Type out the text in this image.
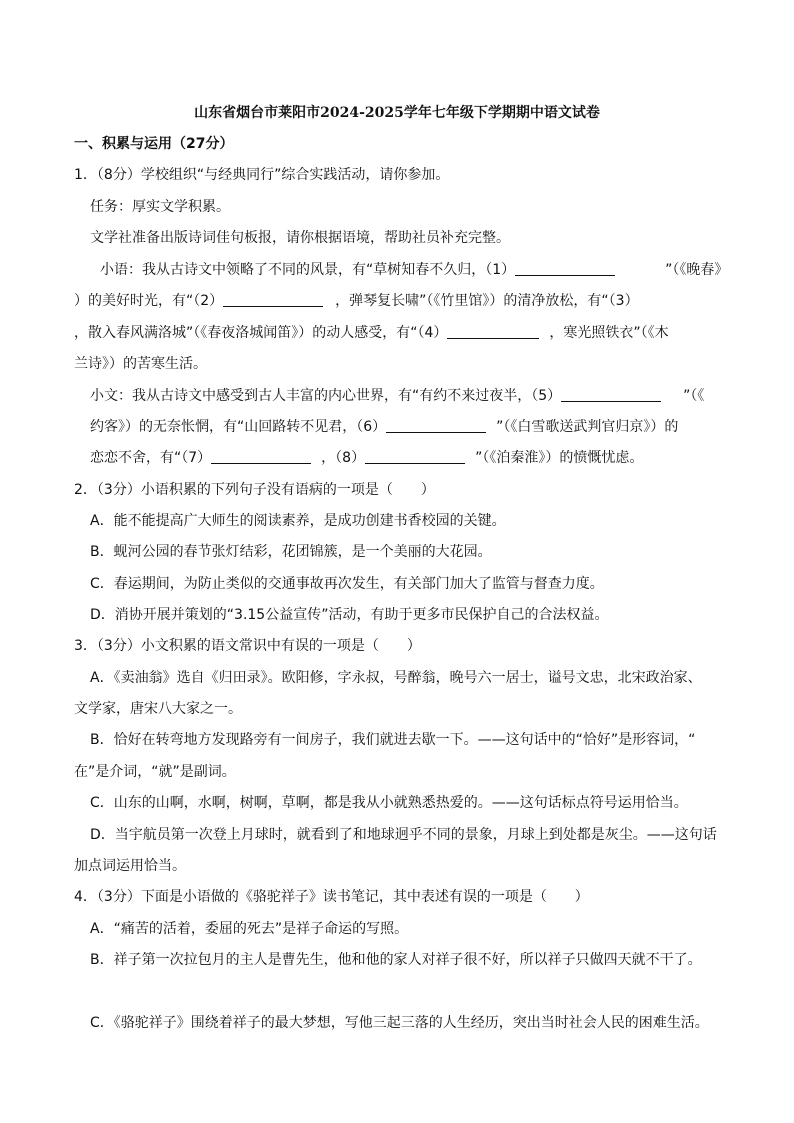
山东省烟台市莱阳市2024-2025学年七年级下学期期中语文试卷
一、积累与运用（27分）
1．（8分）学校组织“与经典同行”综合实践活动，请你参加。
任务：厚实文学积累。
文学社准备出版诗词佳句板报，请你根据语境，帮助社员补充完整。
小语：我从古诗文中领略了不同的风景，有“草树知春不久归，（1）	”（《晚春》
）的美好时光，有“（2）	，弹琴复长啸”（《竹里馆》）的清净放松，有“（3）
，散入春风满洛城”（《春夜洛城闻笛》）的动人感受，有“（4）	，寒光照铁衣”（《木
兰诗》）的苦寒生活。
小文：我从古诗文中感受到古人丰富的内心世界，有“有约不来过夜半，（5）	”（《
约客》）的无奈怅惘，有“山回路转不见君，（6）	”（《白雪歌送武判官归京》）的
恋恋不舍，有“（7）	，（8）	”（《泊秦淮》）的愤慨忧虑。
2．（3分）小语积累的下列句子没有语病的一项是（　　）
A．能不能提高广大师生的阅读素养，是成功创建书香校园的关键。
B．蚬河公园的春节张灯结彩，花团锦簇，是一个美丽的大花园。
C．春运期间，为防止类似的交通事故再次发生，有关部门加大了监管与督查力度。
D．消协开展并策划的“3.15公益宣传”活动，有助于更多市民保护自己的合法权益。
3．（3分）小文积累的语文常识中有误的一项是（　　）
A．《卖油翁》选自《归田录》。欧阳修，字永叔，号醉翁，晚号六一居士，谥号文忠，北宋政治家、
文学家，唐宋八大家之一。
B．恰好在转弯地方发现路旁有一间房子，我们就进去歇一下。——这句话中的“恰好”是形容词，“
在”是介词，“就”是副词。
C．山东的山啊，水啊，树啊，草啊，都是我从小就熟悉热爱的。——这句话标点符号运用恰当。
D．当宇航员第一次登上月球时，就看到了和地球迥乎不同的景象，月球上到处都是灰尘。——这句话
加点词运用恰当。
4．（3分）下面是小语做的《骆驼祥子》读书笔记，其中表述有误的一项是（　　）
A．“痛苦的活着，委屈的死去”是祥子命运的写照。
B．祥子第一次拉包月的主人是曹先生，他和他的家人对祥子很不好，所以祥子只做四天就不干了。
C．《骆驼祥子》围绕着祥子的最大梦想，写他三起三落的人生经历，突出当时社会人民的困难生活。
